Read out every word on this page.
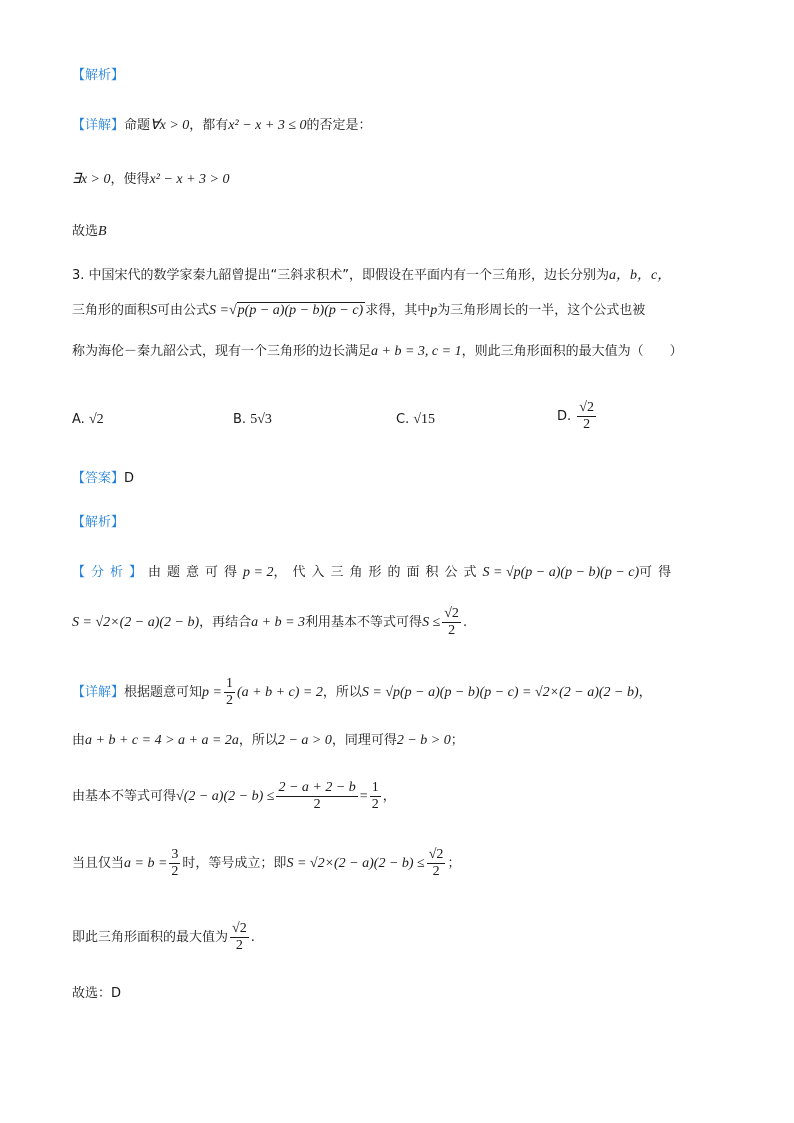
【解析】
【详解】命题∀x > 0，都有x² − x + 3 ≤ 0的否定是：
∃x > 0，使得x² − x + 3 > 0
故选B
3. 中国宋代的数学家秦九韶曾提出“三斜求积术”，即假设在平面内有一个三角形，边长分别为a，b，c，
三角形的面积S可由公式S =√p(p − a)(p − b)(p − c) 求得，其中p为三角形周长的一半，这个公式也被
称为海伦－秦九韶公式，现有一个三角形的边长满足a + b = 3, c = 1，则此三角形面积的最大值为（　　）
A. √2	B. 5√3	C. √15	D. $\frac{√2}{2}$
【答案】D
【解析】
【分析】由题意可得p = 2，代入三角形的面积公式S = √p(p − a)(p − b)(p − c)可得
S = √2×(2 − a)(2 − b)，再结合a + b = 3利用基本不等式可得$S \le \frac{√2}{2}$ .
【详解】根据题意可知$p = \frac{1}{2} (a + b + c) = 2$，所以S = √p(p − a)(p − b)(p − c) = √2×(2 − a)(2 − b)，
由a + b + c = 4 > a + a = 2a，所以2 − a > 0，同理可得2 − b > 0；
由基本不等式可得$√(2 - a)(2 - b) \le \frac{2 - a + 2 - b}{2} = \frac{1}{2}$ ，
当且仅当$a = b = \frac{3}{2}$ 时，等号成立；即$S = √2\times(2 - a)(2 - b) \le \frac{√2}{2}$ ；
即此三角形面积的最大值为 $\frac{√2}{2}$ .
故选：D
